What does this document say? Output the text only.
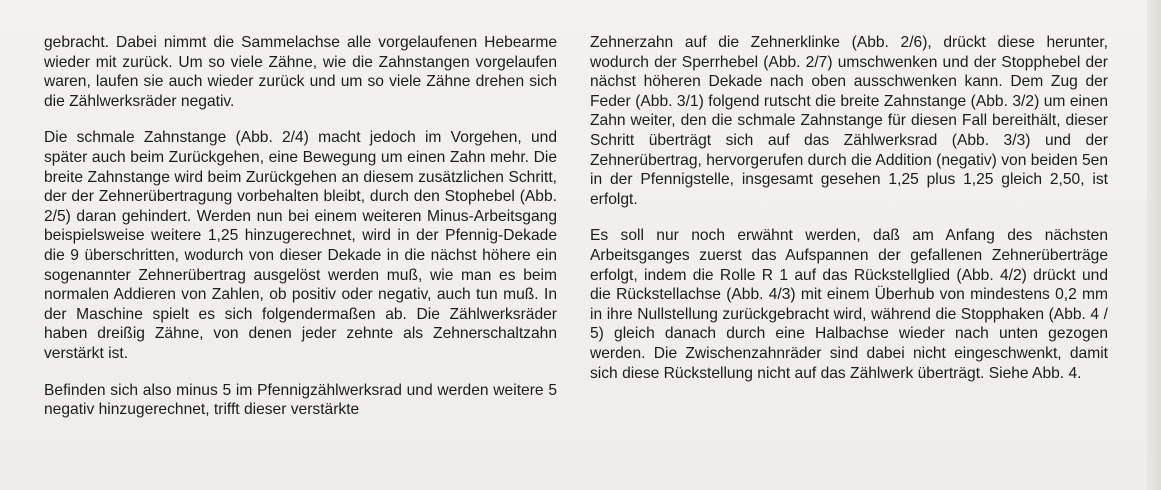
gebracht. Dabei nimmt die Sammelachse alle vorgelaufenen Hebearme wieder mit zurück. Um so viele Zähne, wie die Zahnstangen vorgelaufen waren, laufen sie auch wieder zurück und um so viele Zähne drehen sich die Zählwerksräder negativ.

Die schmale Zahnstange (Abb. 2/4) macht jedoch im Vorgehen, und später auch beim Zurückgehen, eine Bewegung um einen Zahn mehr. Die breite Zahnstange wird beim Zurückgehen an diesem zusätzlichen Schritt, der der Zehnerübertragung vorbehalten bleibt, durch den Stophebel (Abb. 2/5) daran gehindert. Werden nun bei einem weiteren Minus-Arbeitsgang beispielsweise weitere 1,25 hinzugerechnet, wird in der Pfennig-Dekade die 9 überschritten, wodurch von dieser Dekade in die nächst höhere ein sogenannter Zehnerübertrag ausgelöst werden muß, wie man es beim normalen Addieren von Zahlen, ob positiv oder negativ, auch tun muß. In der Maschine spielt es sich folgendermaßen ab. Die Zählwerksräder haben dreißig Zähne, von denen jeder zehnte als Zehnerschaltzahn verstärkt ist.

Befinden sich also minus 5 im Pfennigzählwerksrad und werden weitere 5 negativ hinzugerechnet, trifft dieser verstärkte

Zehnerzahn auf die Zehnerklinke (Abb. 2/6), drückt diese herunter, wodurch der Sperrhebel (Abb. 2/7) umschwenken und der Stopphebel der nächst höheren Dekade nach oben ausschwenken kann. Dem Zug der Feder (Abb. 3/1) folgend rutscht die breite Zahnstange (Abb. 3/2) um einen Zahn weiter, den die schmale Zahnstange für diesen Fall bereithält, dieser Schritt überträgt sich auf das Zählwerksrad (Abb. 3/3) und der Zehnerübertrag, hervorgerufen durch die Addition (negativ) von beiden 5en in der Pfennigstelle, insgesamt gesehen 1,25 plus 1,25 gleich 2,50, ist erfolgt.

Es soll nur noch erwähnt werden, daß am Anfang des nächsten Arbeitsganges zuerst das Aufspannen der gefallenen Zehnerüberträge erfolgt, indem die Rolle R 1 auf das Rückstellglied (Abb. 4/2) drückt und die Rückstellachse (Abb. 4/3) mit einem Überhub von mindestens 0,2 mm in ihre Nullstellung zurückgebracht wird, während die Stopphaken (Abb. 4 / 5) gleich danach durch eine Halbachse wieder nach unten gezogen werden. Die Zwischenzahnräder sind dabei nicht eingeschwenkt, damit sich diese Rückstellung nicht auf das Zählwerk überträgt. Siehe Abb. 4.
